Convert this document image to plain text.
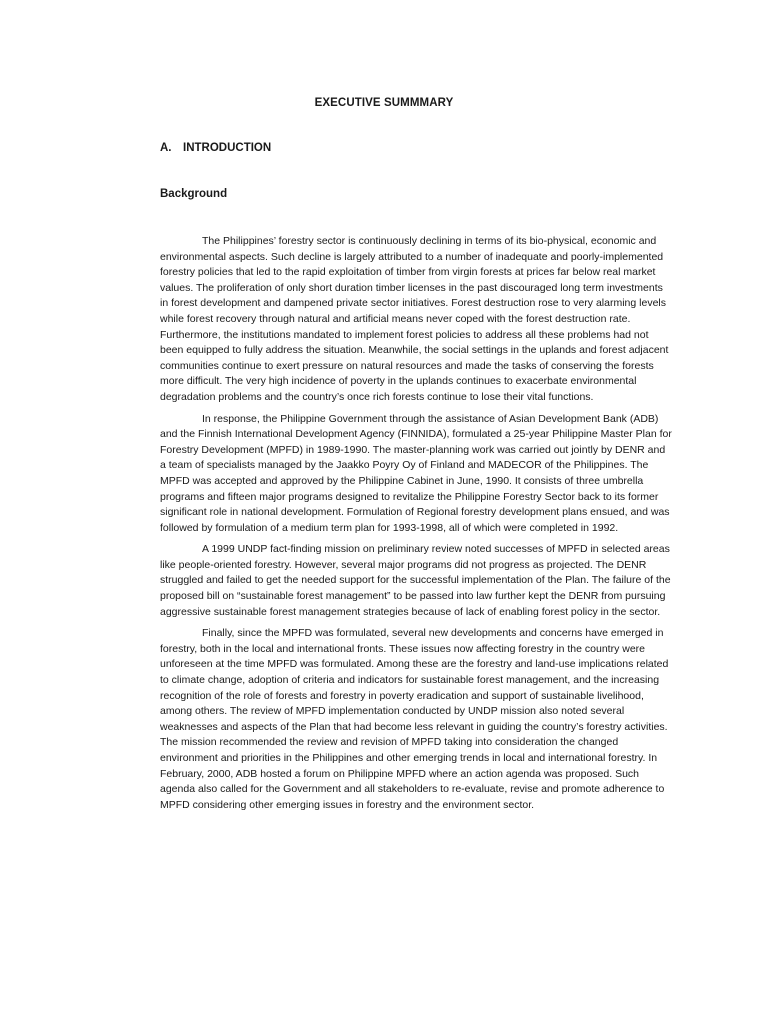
EXECUTIVE SUMMMARY
A. INTRODUCTION
Background

The Philippines’ forestry sector is continuously declining in terms of its bio-physical, economic and environmental aspects. Such decline is largely attributed to a number of inadequate and poorly-implemented forestry policies that led to the rapid exploitation of timber from virgin forests at prices far below real market values. The proliferation of only short duration timber licenses in the past discouraged long term investments in forest development and dampened private sector initiatives. Forest destruction rose to very alarming levels while forest recovery through natural and artificial means never coped with the forest destruction rate. Furthermore, the institutions mandated to implement forest policies to address all these problems had not been equipped to fully address the situation. Meanwhile, the social settings in the uplands and forest adjacent communities continue to exert pressure on natural resources and made the tasks of conserving the forests more difficult. The very high incidence of poverty in the uplands continues to exacerbate environmental degradation problems and the country’s once rich forests continue to lose their vital functions.

In response, the Philippine Government through the assistance of Asian Development Bank (ADB) and the Finnish International Development Agency (FINNIDA), formulated a 25-year Philippine Master Plan for Forestry Development (MPFD) in 1989-1990. The master-planning work was carried out jointly by DENR and a team of specialists managed by the Jaakko Poyry Oy of Finland and MADECOR of the Philippines. The MPFD was accepted and approved by the Philippine Cabinet in June, 1990. It consists of three umbrella programs and fifteen major programs designed to revitalize the Philippine Forestry Sector back to its former significant role in national development. Formulation of Regional forestry development plans ensued, and was followed by formulation of a medium term plan for 1993-1998, all of which were completed in 1992.

A 1999 UNDP fact-finding mission on preliminary review noted successes of MPFD in selected areas like people-oriented forestry. However, several major programs did not progress as projected. The DENR struggled and failed to get the needed support for the successful implementation of the Plan. The failure of the proposed bill on “sustainable forest management” to be passed into law further kept the DENR from pursuing aggressive sustainable forest management strategies because of lack of enabling forest policy in the sector.

Finally, since the MPFD was formulated, several new developments and concerns have emerged in forestry, both in the local and international fronts. These issues now affecting forestry in the country were unforeseen at the time MPFD was formulated. Among these are the forestry and land-use implications related to climate change, adoption of criteria and indicators for sustainable forest management, and the increasing recognition of the role of forests and forestry in poverty eradication and support of sustainable livelihood, among others. The review of MPFD implementation conducted by UNDP mission also noted several weaknesses and aspects of the Plan that had become less relevant in guiding the country’s forestry activities. The mission recommended the review and revision of MPFD taking into consideration the changed environment and priorities in the Philippines and other emerging trends in local and international forestry. In February, 2000, ADB hosted a forum on Philippine MPFD where an action agenda was proposed. Such agenda also called for the Government and all stakeholders to re-evaluate, revise and promote adherence to MPFD considering other emerging issues in forestry and the environment sector.
